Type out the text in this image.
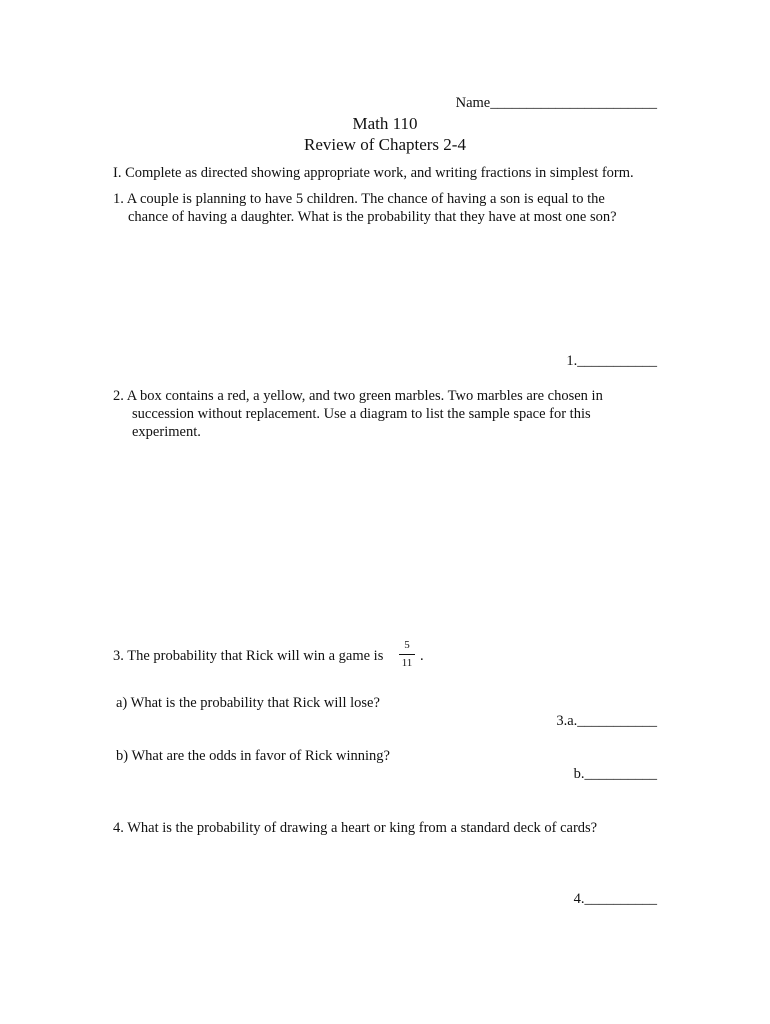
Name_______________________
Math 110
Review of Chapters 2-4
I. Complete as directed showing appropriate work, and writing fractions in simplest form.
1. A couple is planning to have 5 children. The chance of having a son is equal to the
chance of having a daughter. What is the probability that they have at most one son?
1.___________
2. A box contains a red, a yellow, and two green marbles. Two marbles are chosen in
succession without replacement. Use a diagram to list the sample space for this
experiment.
3. The probability that Rick will win a game is
5
11 .
a) What is the probability that Rick will lose?
3.a.___________
b) What are the odds in favor of Rick winning?
b.__________
4. What is the probability of drawing a heart or king from a standard deck of cards?
4.__________
